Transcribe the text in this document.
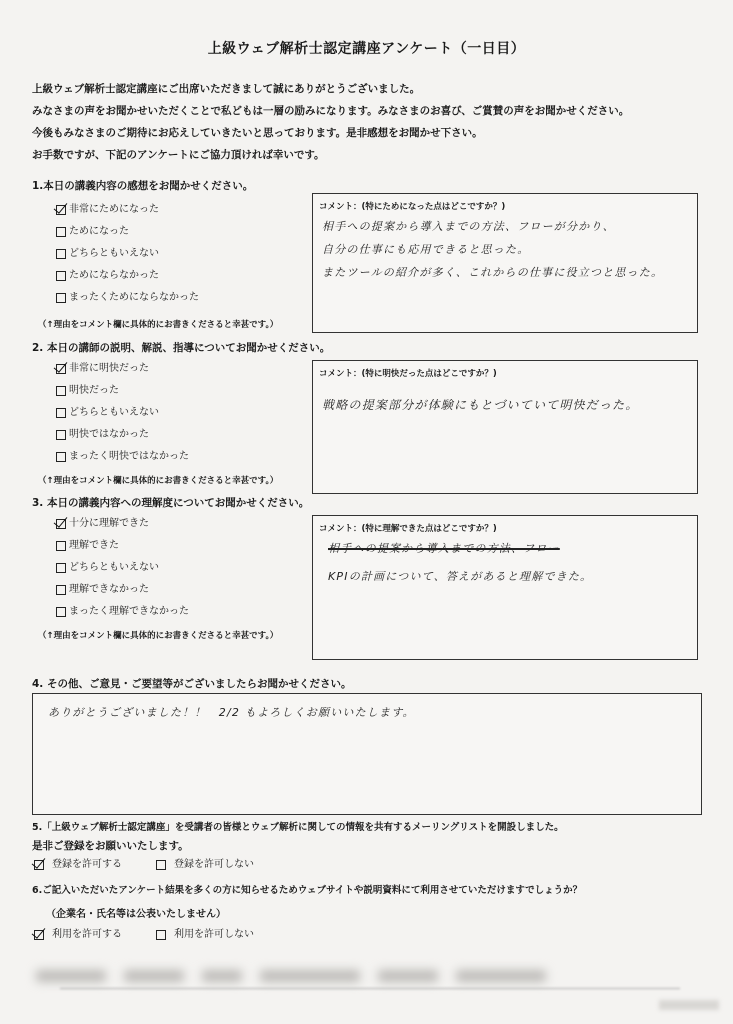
上級ウェブ解析士認定講座アンケート（一日目）
上級ウェブ解析士認定講座にご出席いただきまして誠にありがとうございました。
みなさまの声をお聞かせいただくことで私どもは一層の励みになります。みなさまのお喜び、ご賞賛の声をお聞かせください。
今後もみなさまのご期待にお応えしていきたいと思っております。是非感想をお聞かせ下さい。
お手数ですが、下記のアンケートにご協力頂ければ幸いです。
1.本日の講義内容の感想をお聞かせください。
非常にためになった
ためになった
どちらともいえない
ためにならなかった
まったくためにならなかった
（↑理由をコメント欄に具体的にお書きくださると幸甚です。）
コメント：(特にためになった点はどこですか？)
相手への提案から導入までの方法、フローが分かり、
自分の仕事にも応用できると思った。
またツールの紹介が多く、これからの仕事に役立つと思った。
2. 本日の講師の説明、解説、指導についてお聞かせください。
非常に明快だった
明快だった
どちらともいえない
明快ではなかった
まったく明快ではなかった
（↑理由をコメント欄に具体的にお書きくださると幸甚です。）
コメント：(特に明快だった点はどこですか？)
戦略の提案部分が体験にもとづいていて明快だった。
3. 本日の講義内容への理解度についてお聞かせください。
十分に理解できた
理解できた
どちらともいえない
理解できなかった
まったく理解できなかった
（↑理由をコメント欄に具体的にお書きくださると幸甚です。）
コメント：(特に理解できた点はどこですか？)
相手への提案から導入までの方法、フロー
KPIの計画について、答えがあると理解できた。
4. その他、ご意見・ご要望等がございましたらお聞かせください。
ありがとうございました！！　2/2 もよろしくお願いいたします。
5.「上級ウェブ解析士認定講座」を受講者の皆様とウェブ解析に関しての情報を共有するメーリングリストを開設しました。
是非ご登録をお願いいたします。
登録を許可する	登録を許可しない
6.ご記入いただいたアンケート結果を多くの方に知らせるためウェブサイトや説明資料にて利用させていただけますでしょうか？
（企業名・氏名等は公表いたしません）
利用を許可する	利用を許可しない
